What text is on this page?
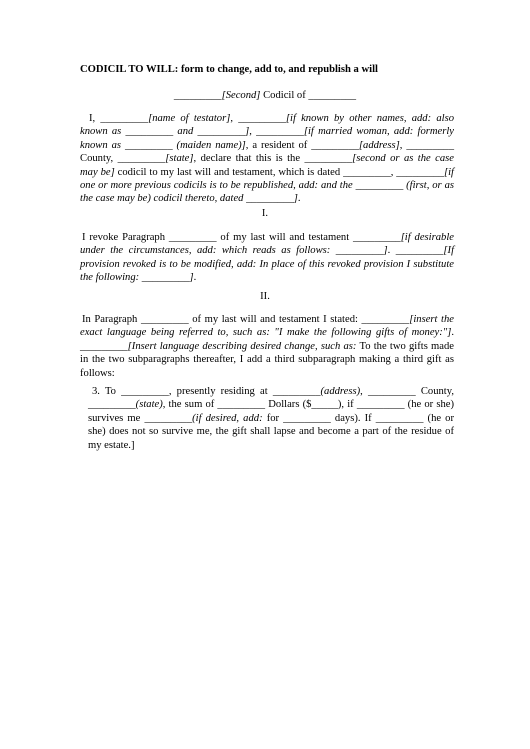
CODICIL TO WILL: form to change, add to, and republish a will
_________[Second] Codicil of _________
I, _________[name of testator], _________[if known by other names, add: also known as _________ and _________], _________[if married woman, add: formerly known as _________ (maiden name)], a resident of _________[address], _________ County, _________[state], declare that this is the _________[second or as the case may be] codicil to my last will and testament, which is dated _________, _________[if one or more previous codicils is to be republished, add: and the _________ (first, or as the case may be) codicil thereto, dated _________].
I.
I revoke Paragraph _________ of my last will and testament _________[if desirable under the circumstances, add: which reads as follows: _________]. _________[If provision revoked is to be modified, add: In place of this revoked provision I substitute the following: _________].
II.
In Paragraph _________ of my last will and testament I stated: _________[insert the exact language being referred to, such as: "I make the following gifts of money:"]. _________[Insert language describing desired change, such as: To the two gifts made in the two subparagraphs thereafter, I add a third subparagraph making a third gift as follows:
3. To _________, presently residing at _________(address), _________ County, _________(state), the sum of _________ Dollars ($_____), if _________ (he or she) survives me _________(if desired, add: for _________ days). If _________ (he or she) does not so survive me, the gift shall lapse and become a part of the residue of my estate.]
